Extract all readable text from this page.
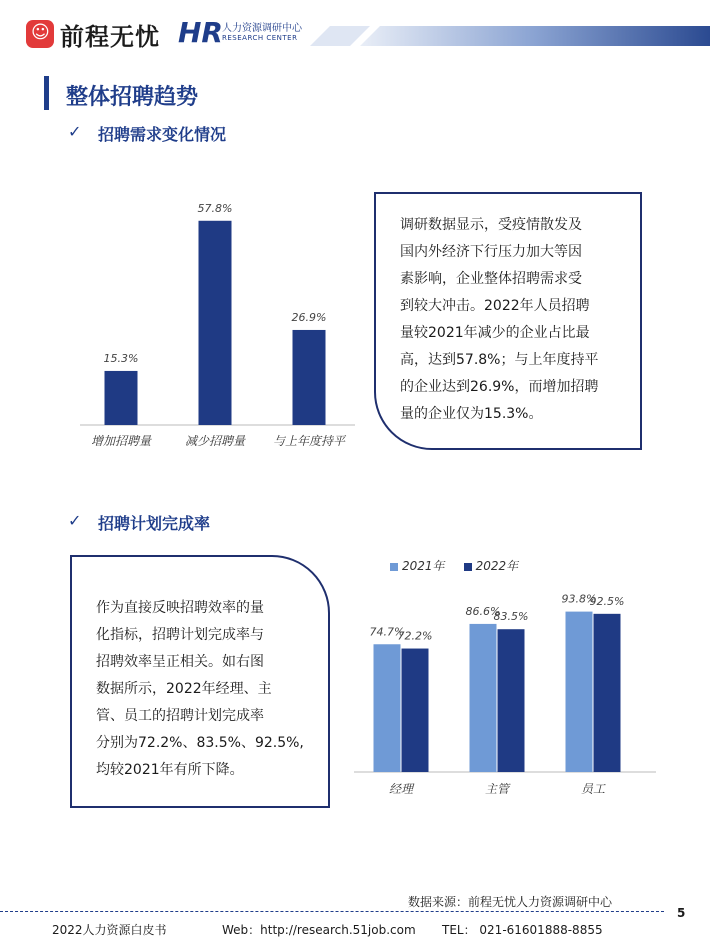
☺ 前程无忧 HR 人力资源调研中心
RESEARCH CENTER
整体招聘趋势
✓ 招聘需求变化情况
15.3%
57.8%
26.9%
增加招聘量	减少招聘量 与上年度持平

调研数据显示，受疫情散发及

国内外经济下行压力加大等因

素影响，企业整体招聘需求受

到较大冲击。2022年人员招聘

量较2021年减少的企业占比最

高，达到57.8%；与上年度持平

的企业达到26.9%，而增加招聘

量的企业仅为15.3%。

✓ 招聘计划完成率

作为直接反映招聘效率的量

化指标，招聘计划完成率与

招聘效率呈正相关。如右图

数据所示，2022年经理、主

管、员工的招聘计划完成率

分别为72.2%、83.5%、92.5%,

均较2021年有所下降。

2021年	2022年
74.7%
72.2%
86.6%
83.5%
93.8%
92.5%
经理	主管	员工
数据来源：前程无忧人力资源调研中心
5
2022人力资源白皮书	Web：http://research.51job.com TEL： 021-61601888-8855
